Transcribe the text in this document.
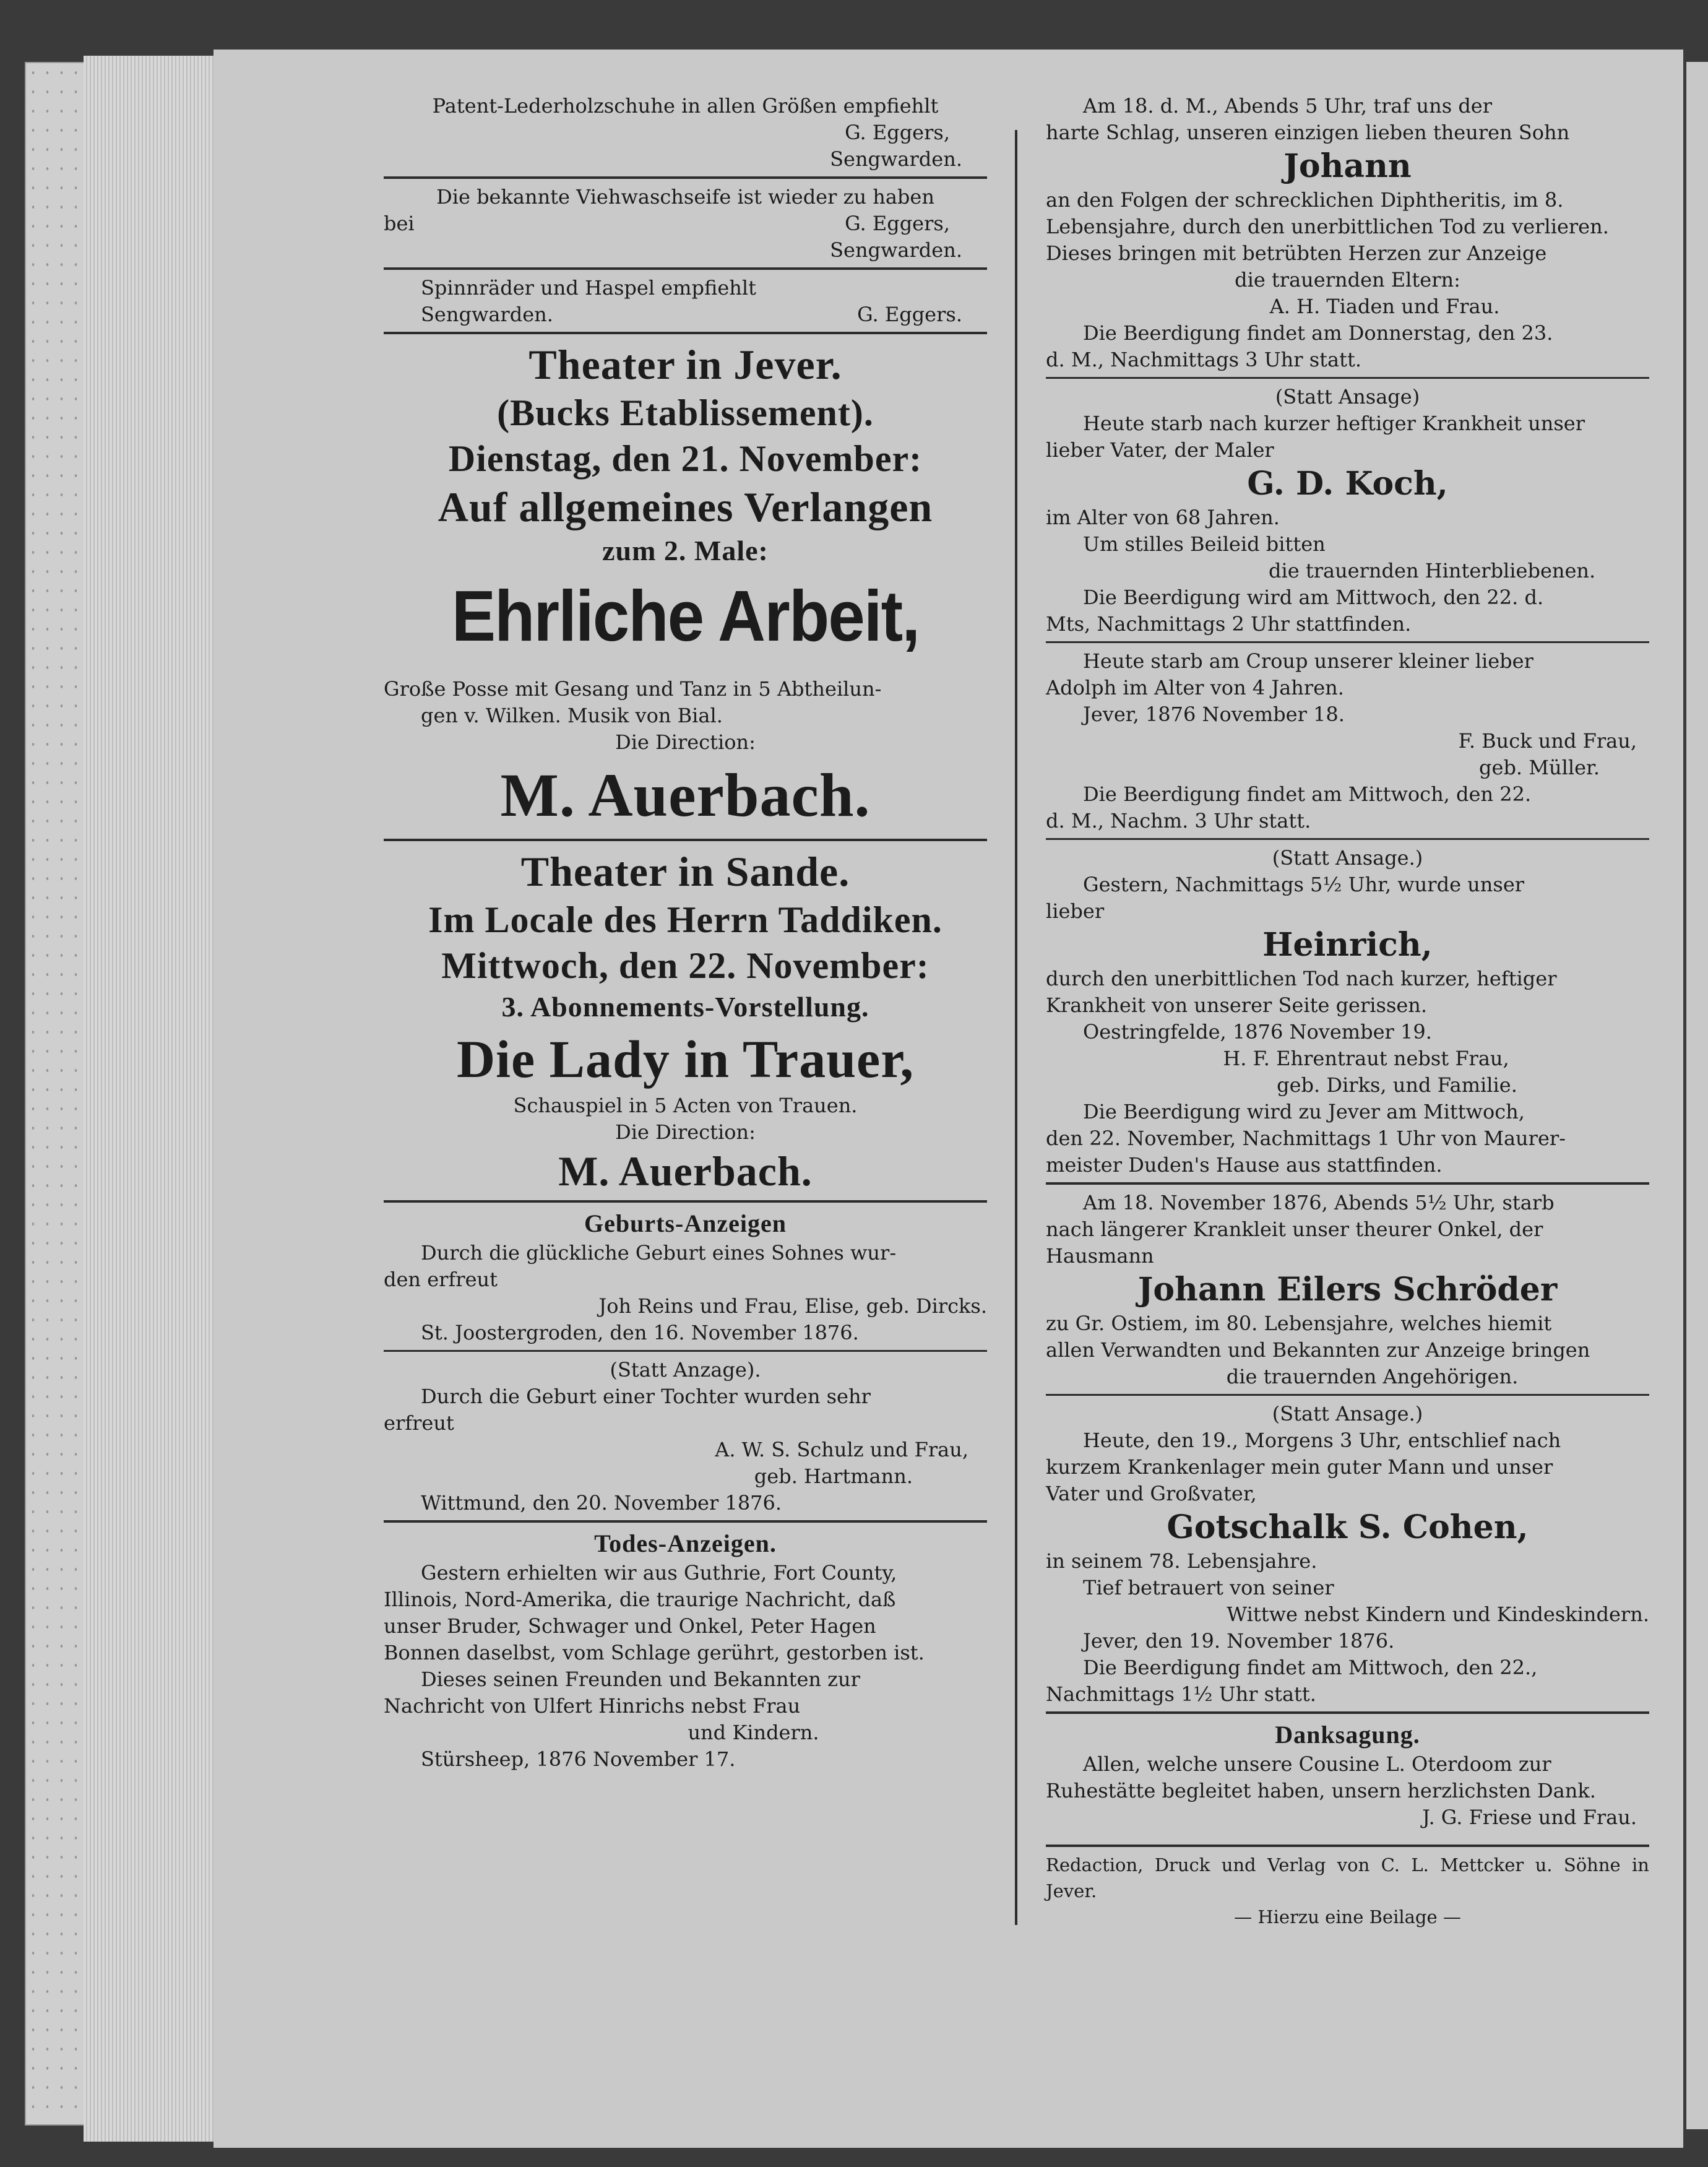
Patent-Lederholzschuhe in allen Größen empfiehlt

G. Eggers,

Sengwarden.

Die bekannte Viehwaschseife ist wieder zu haben

bei	G. Eggers,

Sengwarden.

Spinnräder und Haspel empfiehlt

Sengwarden.	G. Eggers.

Theater in Jever.

(Bucks Etablissement).

Dienstag, den 21. November:

Auf allgemeines Verlangen

zum 2. Male:

Ehrliche Arbeit,

Große Posse mit Gesang und Tanz in 5 Abtheilun-

gen v. Wilken. Musik von Bial.

Die Direction:

M. Auerbach.

Theater in Sande.

Im Locale des Herrn Taddiken.

Mittwoch, den 22. November:

3. Abonnements-Vorstellung.

Die Lady in Trauer,

Schauspiel in 5 Acten von Trauen.

Die Direction:

M. Auerbach.

Geburts-Anzeigen

Durch die glückliche Geburt eines Sohnes wur-

den erfreut

Joh Reins und Frau, Elise, geb. Dircks.

St. Joostergroden, den 16. November 1876.

(Statt Anzage).

Durch die Geburt einer Tochter wurden sehr

erfreut

A. W. S. Schulz und Frau,

geb. Hartmann.

Wittmund, den 20. November 1876.

Todes-Anzeigen.

Gestern erhielten wir aus Guthrie, Fort County,

Illinois, Nord-Amerika, die traurige Nachricht, daß

unser Bruder, Schwager und Onkel, Peter Hagen

Bonnen daselbst, vom Schlage gerührt, gestorben ist.

Dieses seinen Freunden und Bekannten zur

Nachricht von Ulfert Hinrichs nebst Frau

und Kindern.

Stürsheep, 1876 November 17.

Am 18. d. M., Abends 5 Uhr, traf uns der

harte Schlag, unseren einzigen lieben theuren Sohn

Johann

an den Folgen der schrecklichen Diphtheritis, im 8.

Lebensjahre, durch den unerbittlichen Tod zu verlieren.

Dieses bringen mit betrübten Herzen zur Anzeige

die trauernden Eltern:

A. H. Tiaden und Frau.

Die Beerdigung findet am Donnerstag, den 23.

d. M., Nachmittags 3 Uhr statt.

(Statt Ansage)

Heute starb nach kurzer heftiger Krankheit unser

lieber Vater, der Maler

G. D. Koch,

im Alter von 68 Jahren.

Um stilles Beileid bitten

die trauernden Hinterbliebenen.

Die Beerdigung wird am Mittwoch, den 22. d.

Mts, Nachmittags 2 Uhr stattfinden.

Heute starb am Croup unserer kleiner lieber

Adolph im Alter von 4 Jahren.

Jever, 1876 November 18.

F. Buck und Frau,

geb. Müller.

Die Beerdigung findet am Mittwoch, den 22.

d. M., Nachm. 3 Uhr statt.

(Statt Ansage.)

Gestern, Nachmittags 5½ Uhr, wurde unser

lieber

Heinrich,

durch den unerbittlichen Tod nach kurzer, heftiger

Krankheit von unserer Seite gerissen.

Oestringfelde, 1876 November 19.

H. F. Ehrentraut nebst Frau,

geb. Dirks, und Familie.

Die Beerdigung wird zu Jever am Mittwoch,

den 22. November, Nachmittags 1 Uhr von Maurer-

meister Duden's Hause aus stattfinden.

Am 18. November 1876, Abends 5½ Uhr, starb

nach längerer Krankleit unser theurer Onkel, der

Hausmann

Johann Eilers Schröder

zu Gr. Ostiem, im 80. Lebensjahre, welches hiemit

allen Verwandten und Bekannten zur Anzeige bringen

die trauernden Angehörigen.

(Statt Ansage.)

Heute, den 19., Morgens 3 Uhr, entschlief nach

kurzem Krankenlager mein guter Mann und unser

Vater und Großvater,

Gotschalk S. Cohen,

in seinem 78. Lebensjahre.

Tief betrauert von seiner

Wittwe nebst Kindern und Kindeskindern.

Jever, den 19. November 1876.

Die Beerdigung findet am Mittwoch, den 22.,

Nachmittags 1½ Uhr statt.

Danksagung.

Allen, welche unsere Cousine L. Oterdoom zur

Ruhestätte begleitet haben, unsern herzlichsten Dank.

J. G. Friese und Frau.

Redaction, Druck und Verlag von C. L. Mettcker u. Söhne in Jever.

— Hierzu eine Beilage —
